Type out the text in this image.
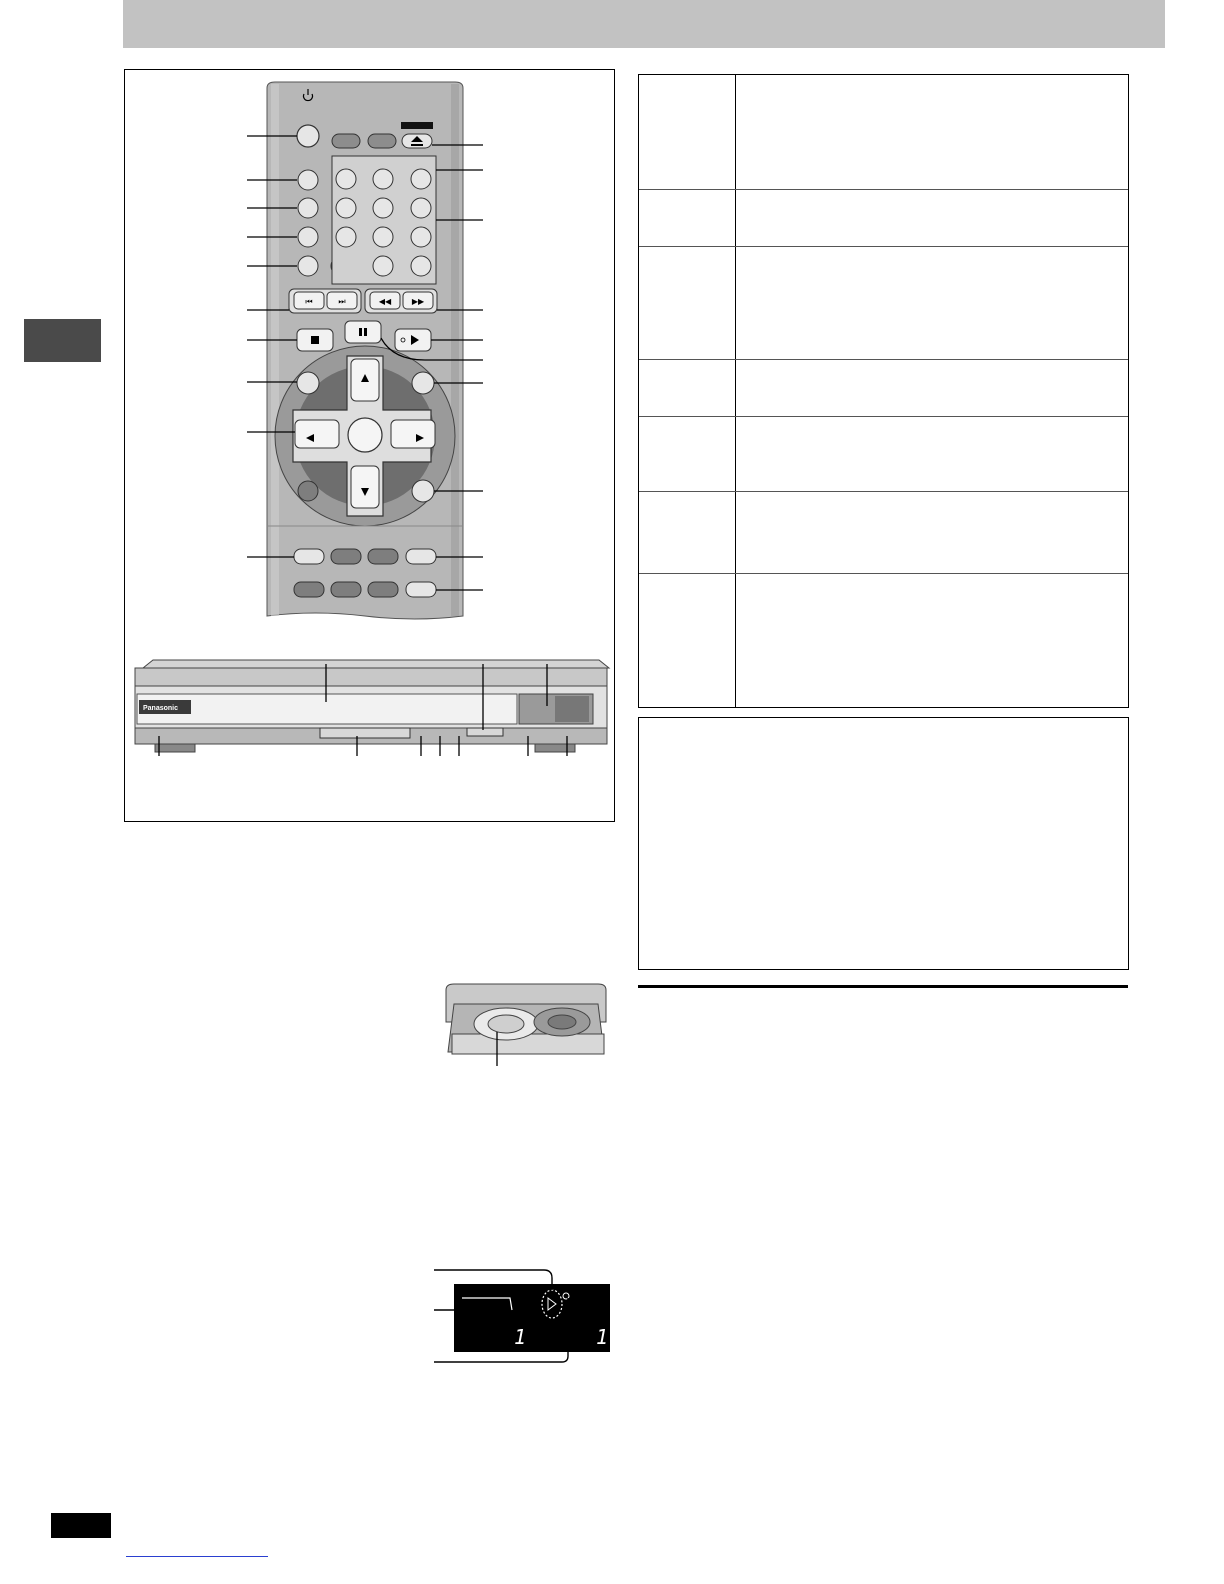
⏮	⏭	◀◀	▶▶
Panasonic
1	1
